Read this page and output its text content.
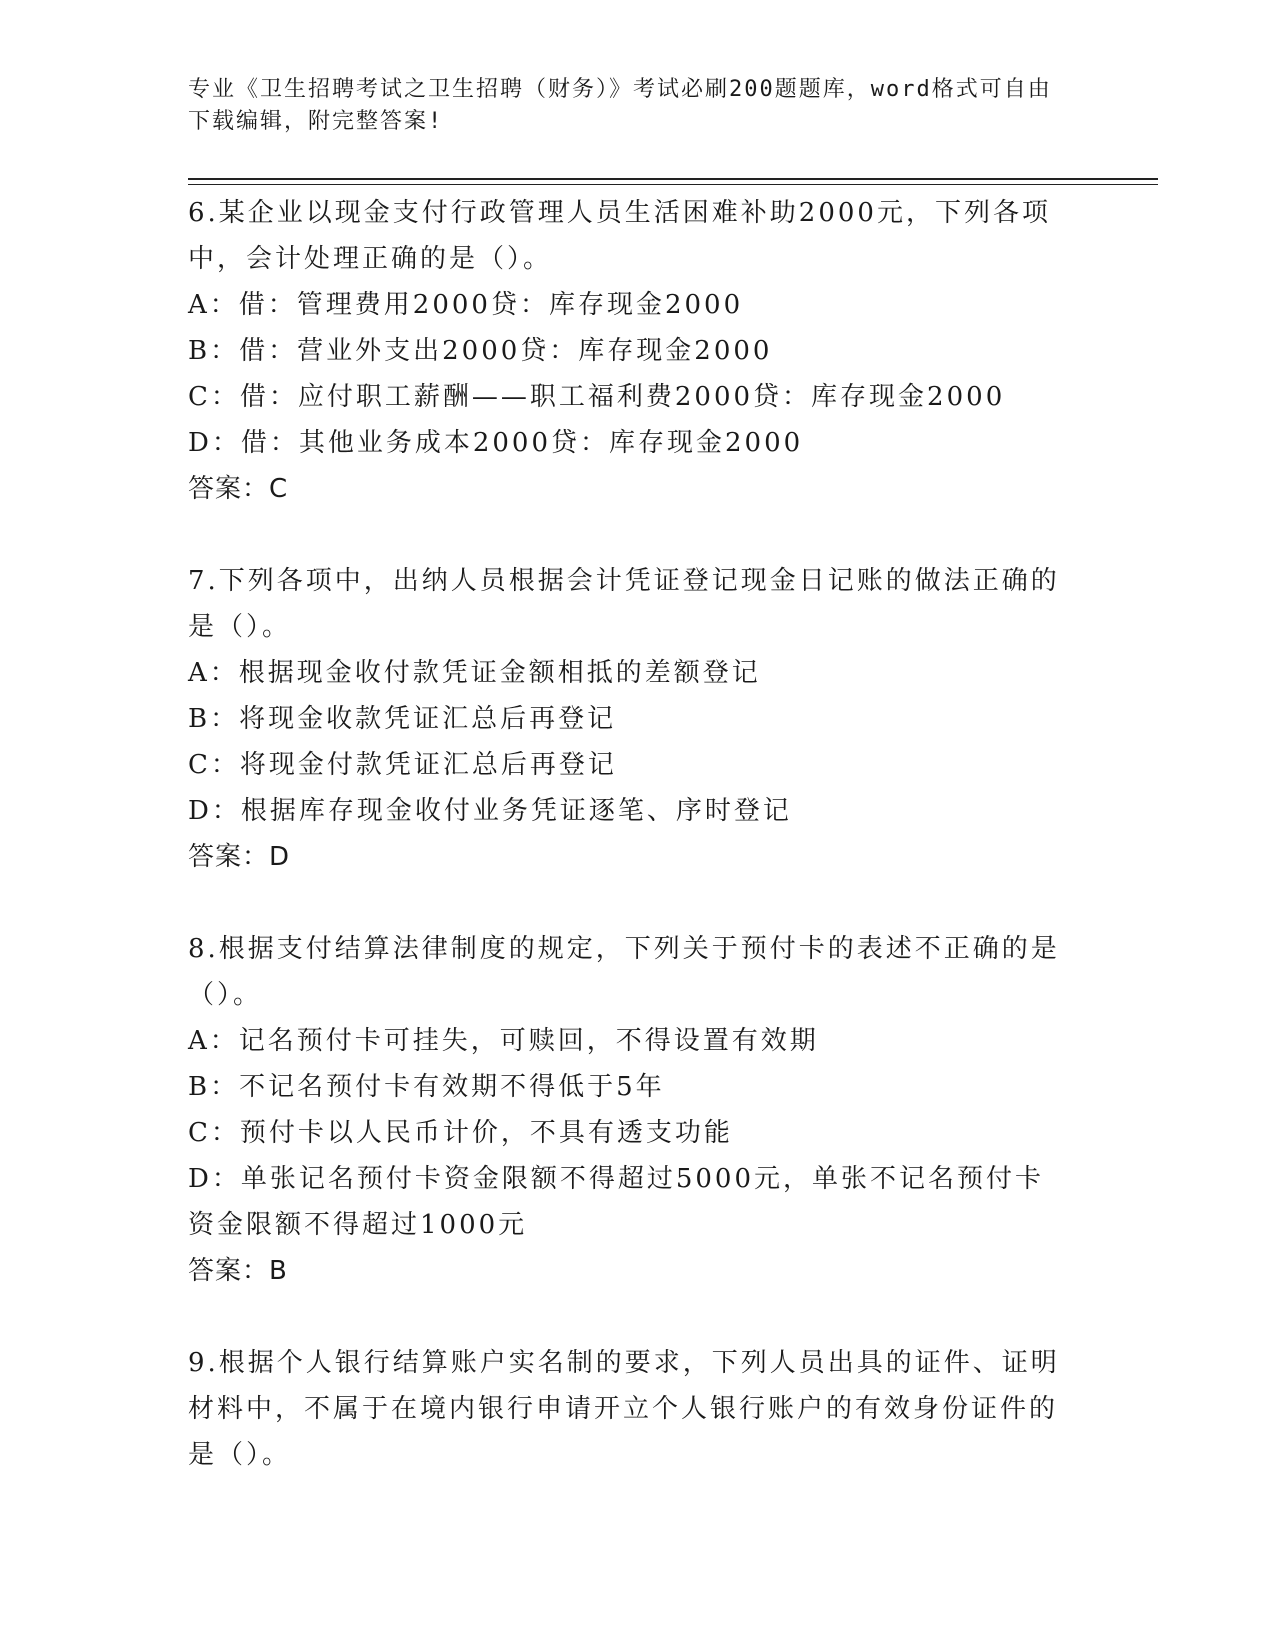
专业《卫生招聘考试之卫生招聘（财务）》考试必刷200题题库，word格式可自由下载编辑，附完整答案!
6.某企业以现金支付行政管理人员生活困难补助2000元，下列各项中，会计处理正确的是（）。
A：借：管理费用2000贷：库存现金2000
B：借：营业外支出2000贷：库存现金2000
C：借：应付职工薪酬——职工福利费2000贷：库存现金2000
D：借：其他业务成本2000贷：库存现金2000
答案：C
7.下列各项中，出纳人员根据会计凭证登记现金日记账的做法正确的是（）。
A：根据现金收付款凭证金额相抵的差额登记
B：将现金收款凭证汇总后再登记
C：将现金付款凭证汇总后再登记
D：根据库存现金收付业务凭证逐笔、序时登记
答案：D
8.根据支付结算法律制度的规定，下列关于预付卡的表述不正确的是（）。
A：记名预付卡可挂失，可赎回，不得设置有效期
B：不记名预付卡有效期不得低于5年
C：预付卡以人民币计价，不具有透支功能
D：单张记名预付卡资金限额不得超过5000元，单张不记名预付卡资金限额不得超过1000元
答案：B
9.根据个人银行结算账户实名制的要求，下列人员出具的证件、证明材料中，不属于在境内银行申请开立个人银行账户的有效身份证件的是（）。
